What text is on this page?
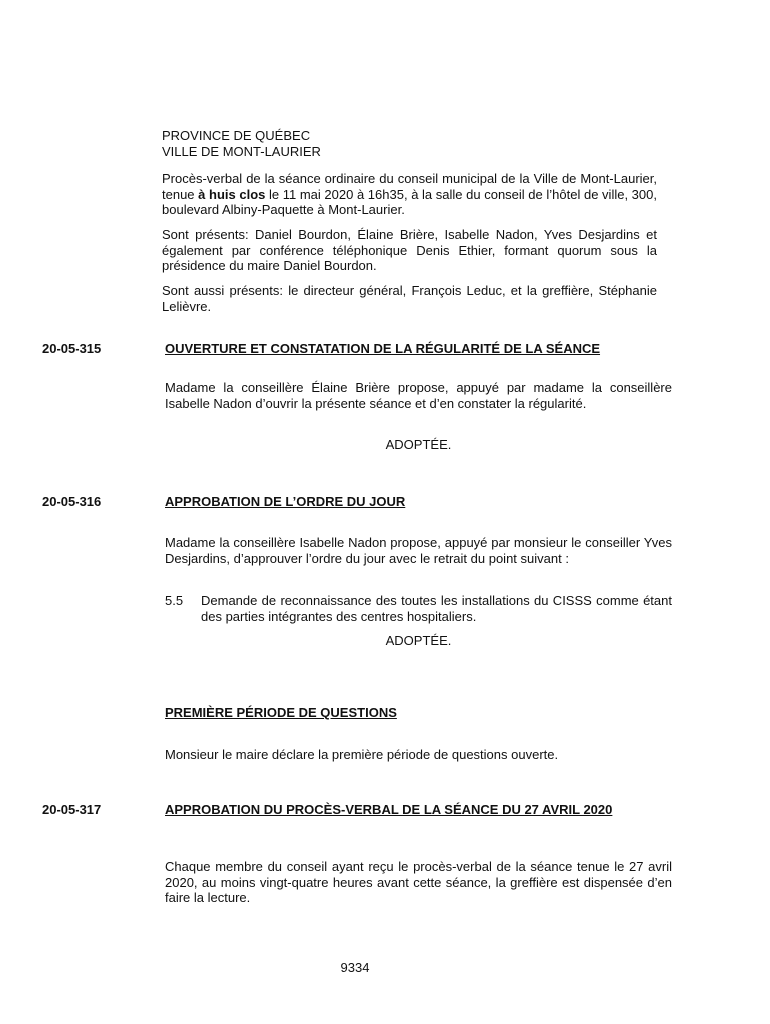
PROVINCE DE QUÉBEC
VILLE DE MONT-LAURIER
Procès-verbal de la séance ordinaire du conseil municipal de la Ville de Mont-Laurier, tenue à huis clos le 11 mai 2020 à 16h35, à la salle du conseil de l’hôtel de ville, 300, boulevard Albiny-Paquette à Mont-Laurier.
Sont présents: Daniel Bourdon, Élaine Brière, Isabelle Nadon, Yves Desjardins et également par conférence téléphonique Denis Ethier, formant quorum sous la présidence du maire Daniel Bourdon.
Sont aussi présents: le directeur général, François Leduc, et la greffière, Stéphanie Lelièvre.
20-05-315	OUVERTURE ET CONSTATATION DE LA RÉGULARITÉ DE LA SÉANCE
Madame la conseillère Élaine Brière propose, appuyé par madame la conseillère Isabelle Nadon d’ouvrir la présente séance et d’en constater la régularité.
ADOPTÉE.
20-05-316	APPROBATION DE L’ORDRE DU JOUR
Madame la conseillère Isabelle Nadon propose, appuyé par monsieur le conseiller Yves Desjardins, d’approuver l’ordre du jour avec le retrait du point suivant :
5.5 Demande de reconnaissance des toutes les installations du CISSS comme étant des parties intégrantes des centres hospitaliers.
ADOPTÉE.
PREMIÈRE PÉRIODE DE QUESTIONS
Monsieur le maire déclare la première période de questions ouverte.
20-05-317	APPROBATION DU PROCÈS-VERBAL DE LA SÉANCE DU 27 AVRIL 2020
Chaque membre du conseil ayant reçu le procès-verbal de la séance tenue le 27 avril 2020, au moins vingt-quatre heures avant cette séance, la greffière est dispensée d’en faire la lecture.
9334
